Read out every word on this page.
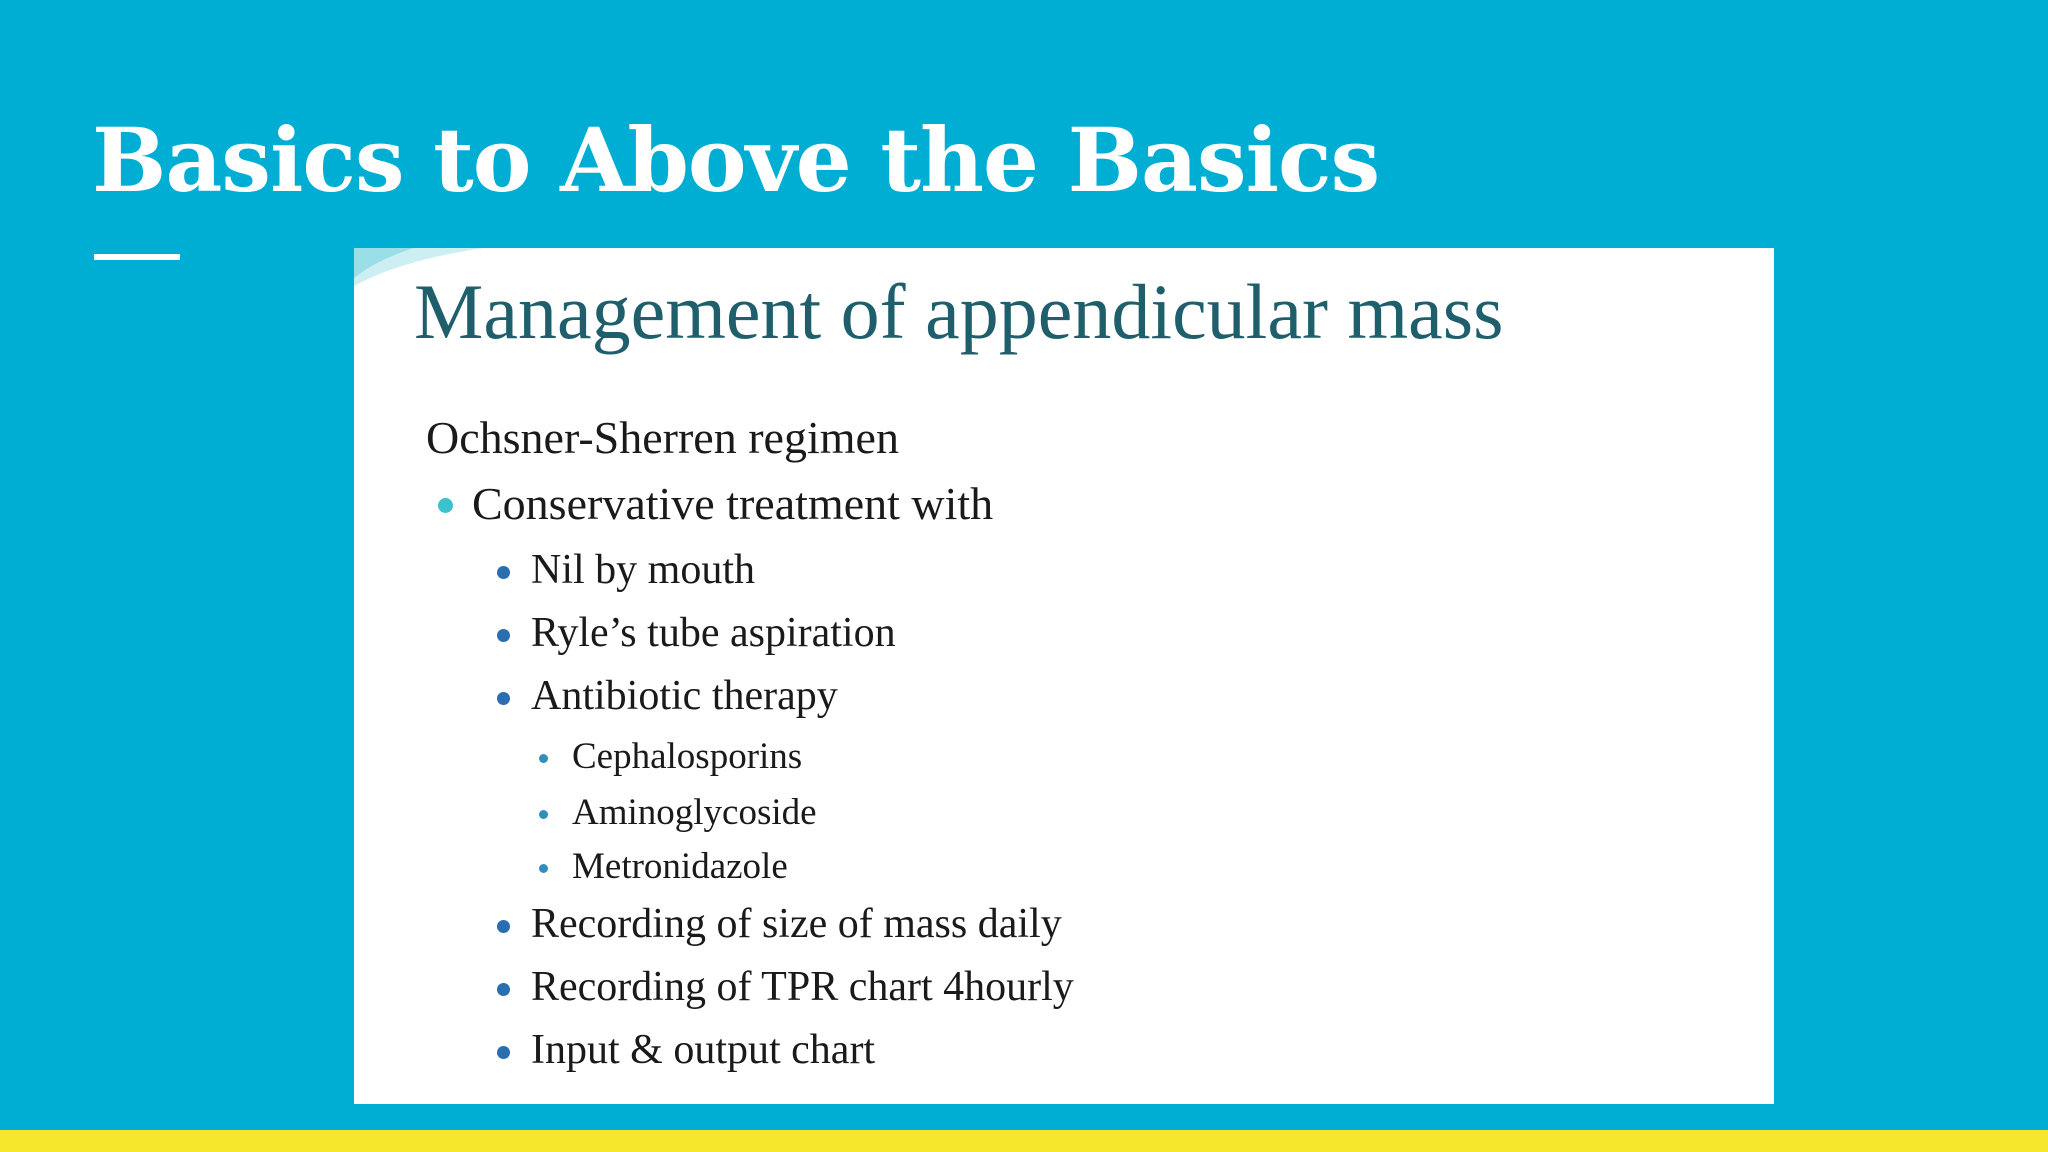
Basics to Above the Basics
Management of appendicular mass
Ochsner-Sherren regimen
Conservative treatment with
Nil by mouth
Ryle’s tube aspiration
Antibiotic therapy
Cephalosporins
Aminoglycoside
Metronidazole
Recording of size of mass daily
Recording of TPR chart 4hourly
Input & output chart
